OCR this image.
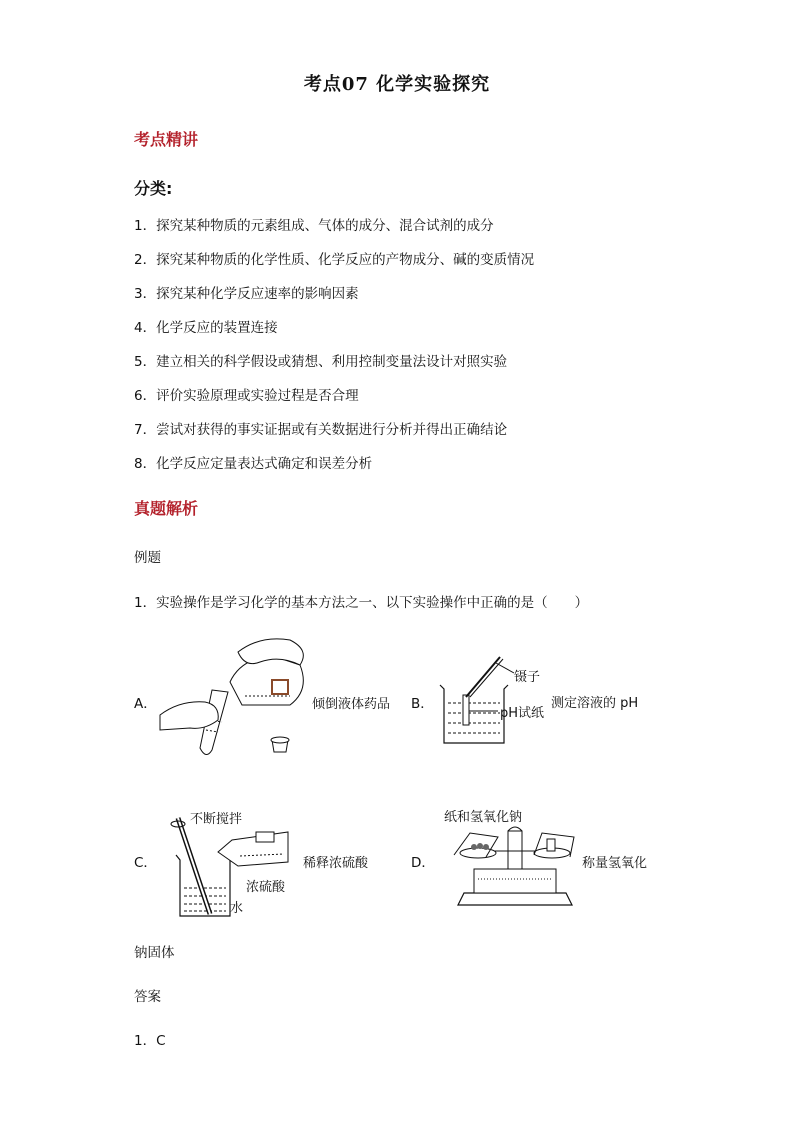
考点07 化学实验探究
考点精讲
分类:
1．探究某种物质的元素组成、气体的成分、混合试剂的成分
2．探究某种物质的化学性质、化学反应的产物成分、碱的变质情况
3．探究某种化学反应速率的影响因素
4．化学反应的装置连接
5．建立相关的科学假设或猜想、利用控制变量法设计对照实验
6．评价实验原理或实验过程是否合理
7．尝试对获得的事实证据或有关数据进行分析并得出正确结论
8．化学反应定量表达式确定和误差分析
真题解析
例题
1．实验操作是学习化学的基本方法之一、以下实验操作中正确的是（　　）
A．	倾倒液体药品 B．
镊子
pH试纸
测定溶液的 pH
C．
不断搅拌
浓硫酸
水
稀释浓硫酸	D．
纸和氢氧化钠
称量氢氧化
钠固体
答案
1．C
